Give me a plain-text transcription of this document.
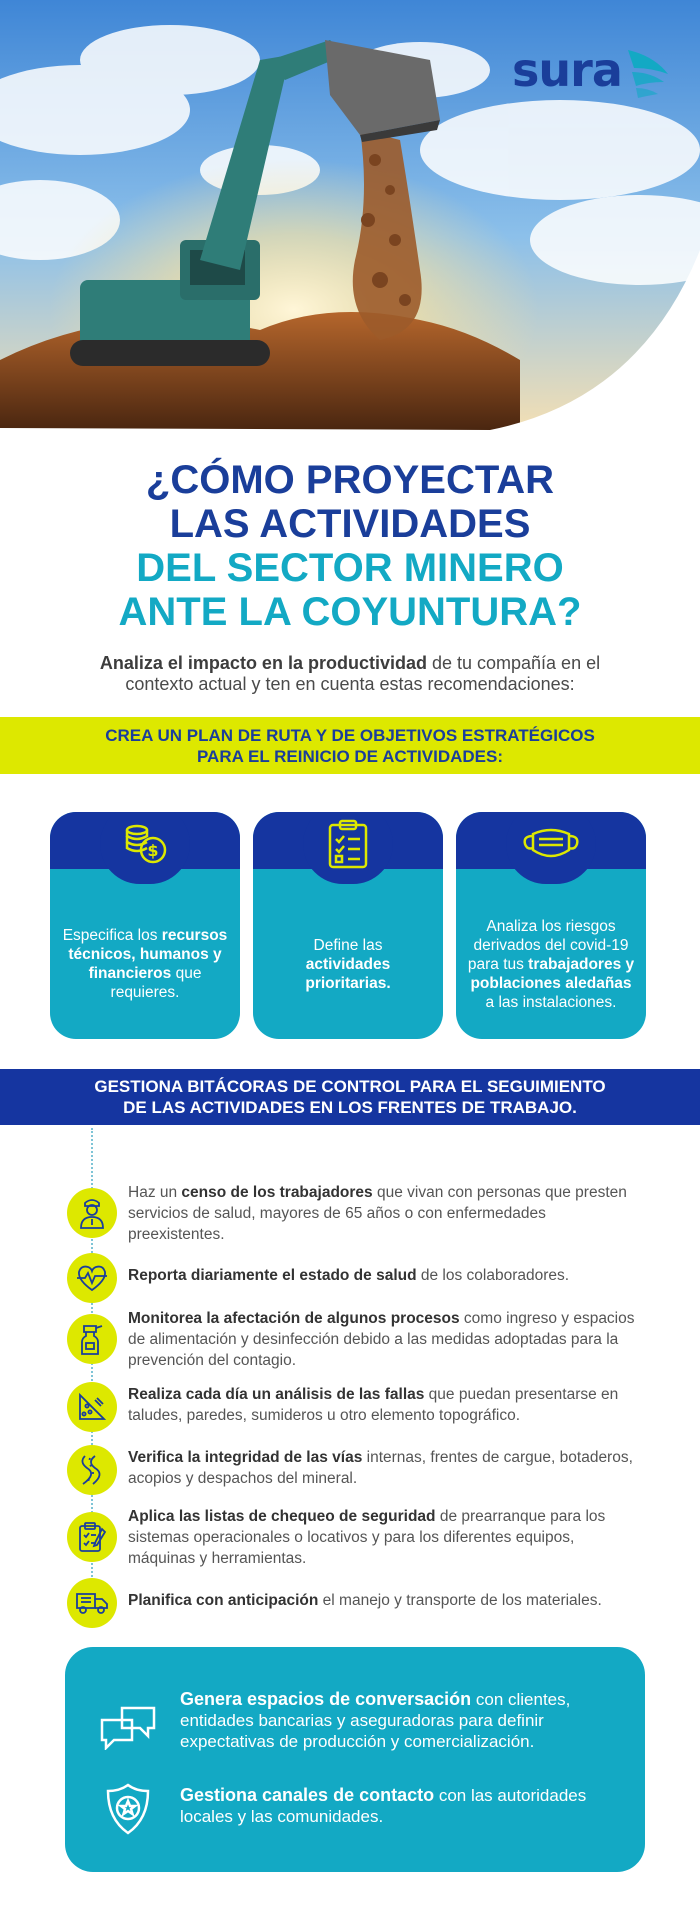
sura
¿CÓMO PROYECTAR
LAS ACTIVIDADES
DEL SECTOR MINERO
ANTE LA COYUNTURA?
Analiza el impacto en la productividad de tu compañía en el contexto actual y ten en cuenta estas recomendaciones:
CREA UN PLAN DE RUTA Y DE OBJETIVOS ESTRATÉGICOS
PARA EL REINICIO DE ACTIVIDADES:
$
Especifica los recursos técnicos, humanos y financieros que requieres.
Define las
actividades prioritarias.
Analiza los riesgos derivados del covid-19 para tus trabajadores y poblaciones aledañas a las instalaciones.
GESTIONA BITÁCORAS DE CONTROL PARA EL SEGUIMIENTO
DE LAS ACTIVIDADES EN LOS FRENTES DE TRABAJO.
Haz un censo de los trabajadores que vivan con personas que presten servicios de salud, mayores de 65 años o con enfermedades preexistentes.
Reporta diariamente el estado de salud de los colaboradores.
Monitorea la afectación de algunos procesos como ingreso y espacios de alimentación y desinfección debido a las medidas adoptadas para la prevención del contagio.
Realiza cada día un análisis de las fallas que puedan presentarse en taludes, paredes, sumideros u otro elemento topográfico.
Verifica la integridad de las vías internas, frentes de cargue, botaderos, acopios y despachos del mineral.
Aplica las listas de chequeo de seguridad de prearranque para los sistemas operacionales o locativos y para los diferentes equipos, máquinas y herramientas.
Planifica con anticipación el manejo y transporte de los materiales.
Genera espacios de conversación con clientes, entidades bancarias y aseguradoras para definir expectativas de producción y comercialización.
Gestiona canales de contacto con las autoridades locales y las comunidades.
